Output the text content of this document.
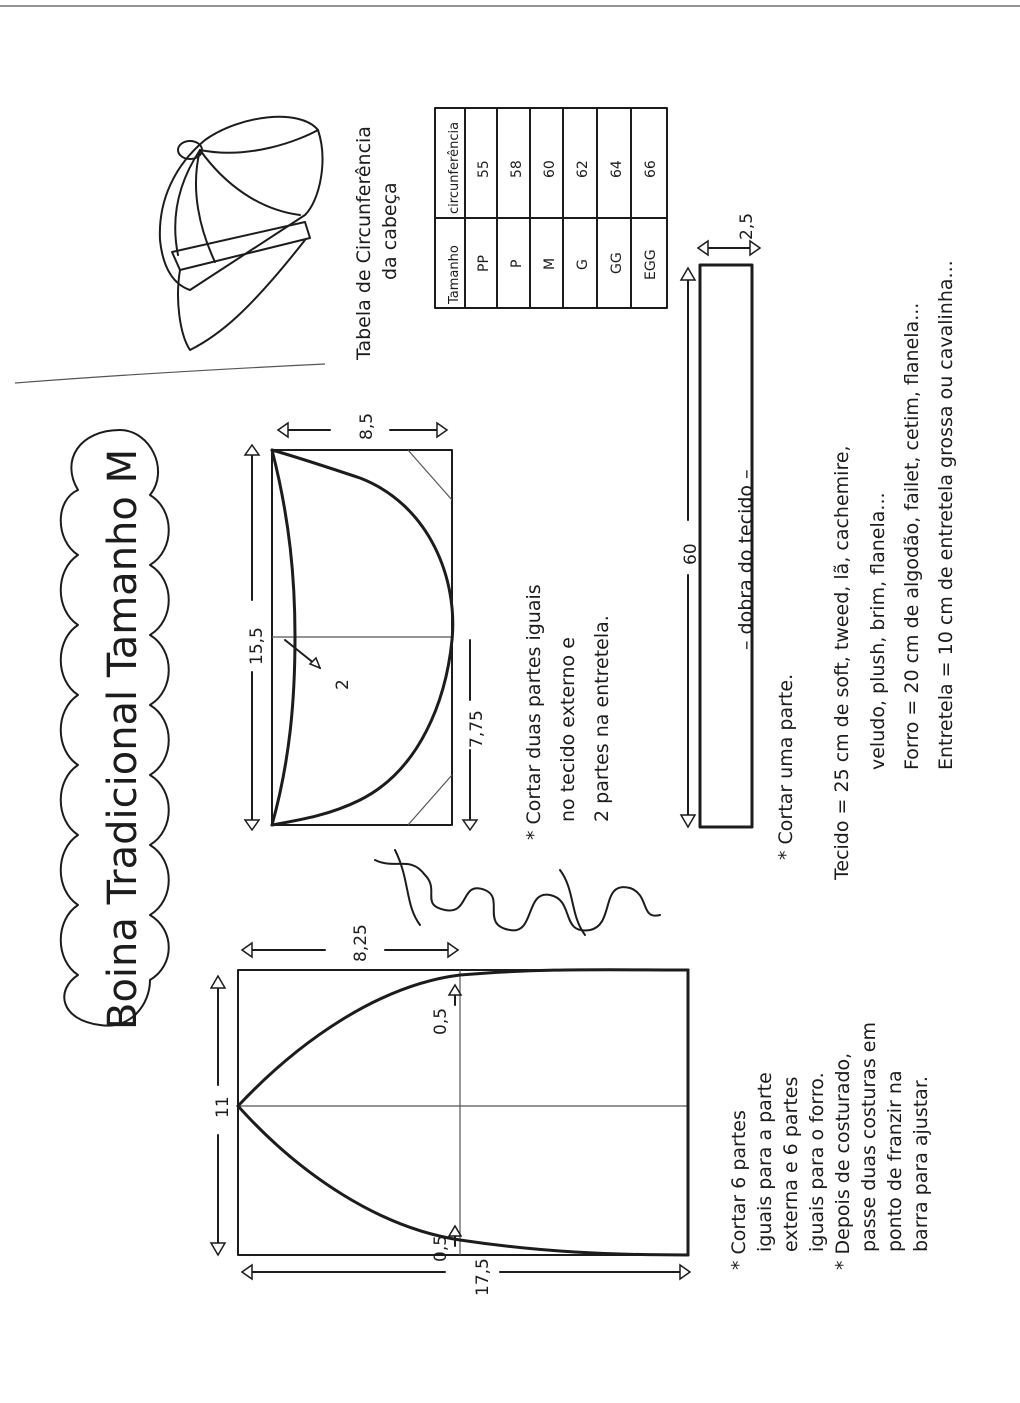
Tabela de Circunferência da cabeça	Tamanho
circunferência
PP
55
P
58
M
60
G
62
GG
64
EGG
66
Boina Tradicional Tamanho M	2
15,5
7,75
8,5
* Cortar duas partes iguais no tecido externo e 2 partes na entretela.
60 – dobra do tecido –
2,5
* Cortar uma parte. Tecido = 25 cm de soft, tweed, lã, cachemire, veludo, plush, brim, flanela... Forro = 20 cm de algodão, failet, cetim, flanela... Entretela = 10 cm de entretela grossa ou cavalinha...
0,5
0,5
11
8,25
17,5
* Cortar 6 partes iguais para a parte externa e 6 partes iguais para o forro. * Depois de costurado, passe duas costuras em ponto de franzir na barra para ajustar.
